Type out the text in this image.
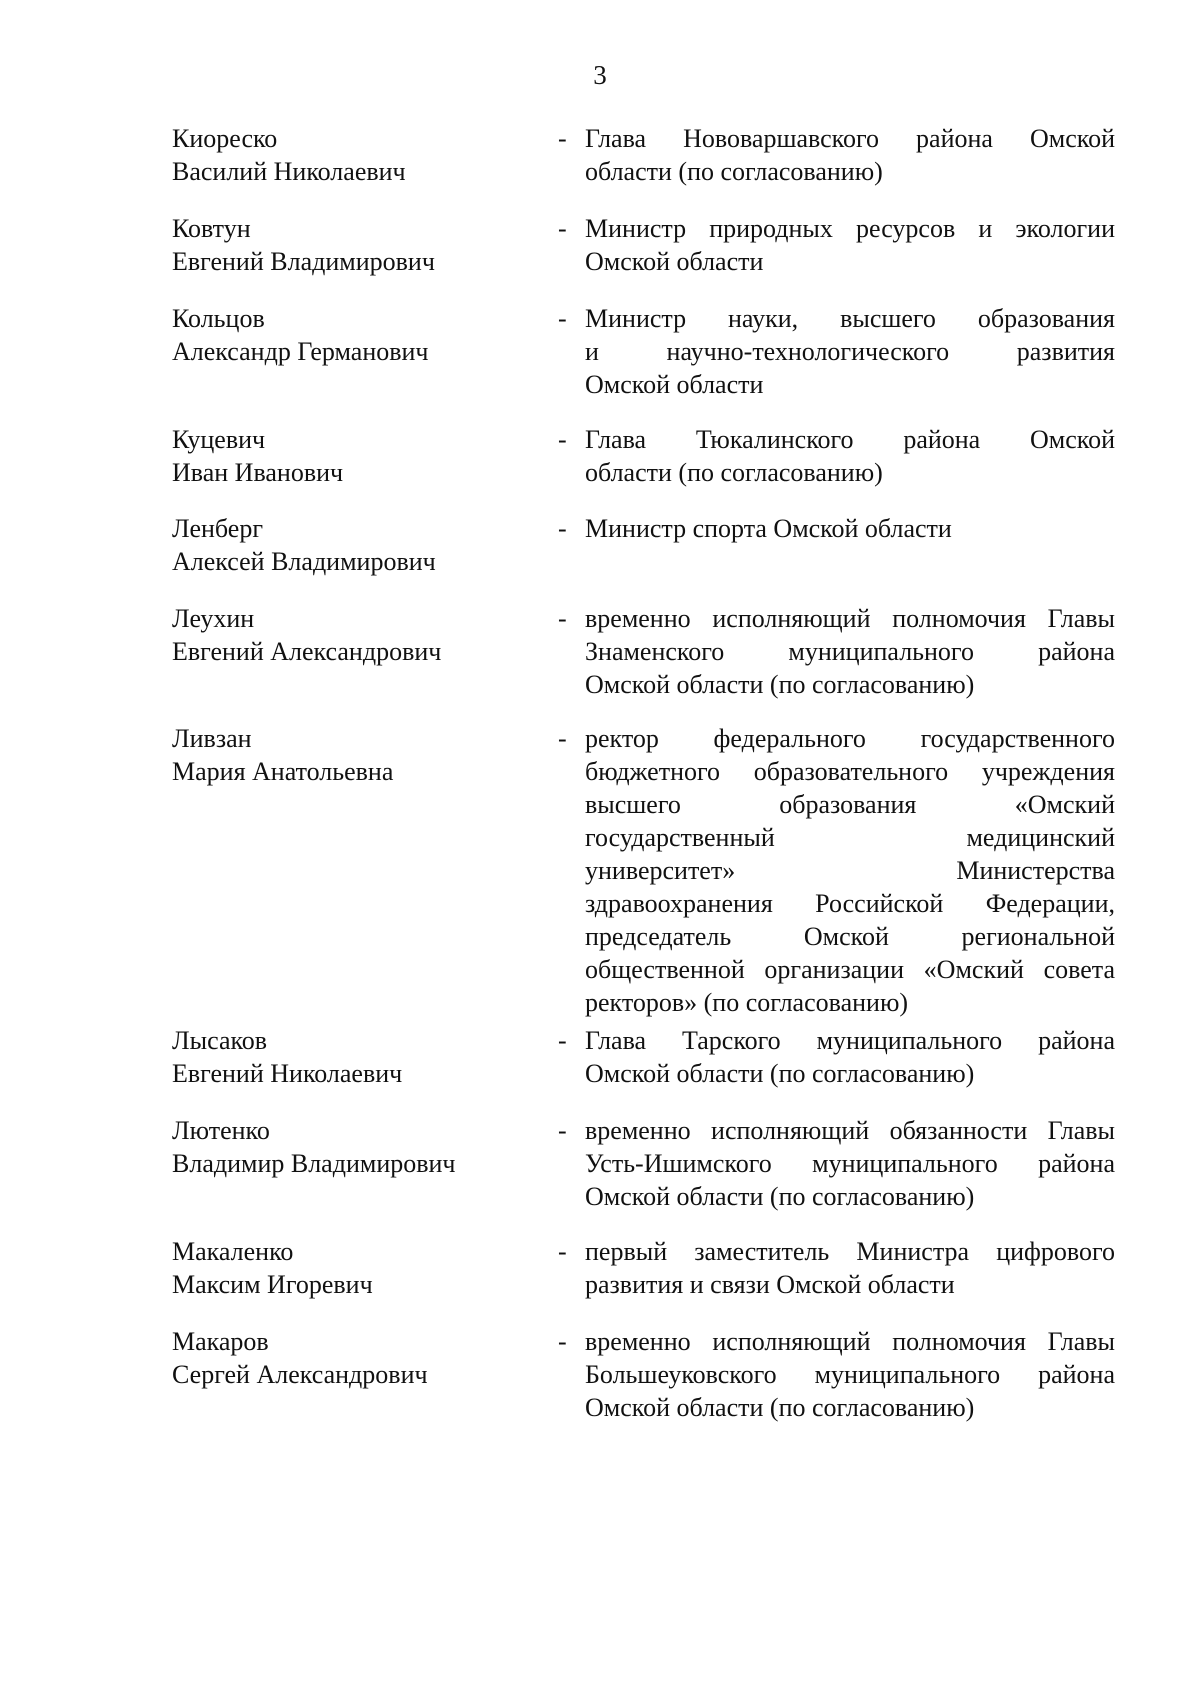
3
Киореско
Василий Николаевич
- Глава Нововаршавского района Омской
области (по согласованию)
Ковтун
Евгений Владимирович
- Министр природных ресурсов и экологии
Омской области
Кольцов
Александр Германович
- Министр науки, высшего образования
и научно-технологического развития
Омской области
Куцевич
Иван Иванович
- Глава Тюкалинского района Омской
области (по согласованию)
Ленберг
Алексей Владимирович
- Министр спорта Омской области
Леухин
Евгений Александрович
- временно исполняющий полномочия Главы
Знаменского муниципального района
Омской области (по согласованию)
Ливзан
Мария Анатольевна
- ректор федерального государственного
бюджетного образовательного учреждения
высшего образования «Омский
государственный медицинский
университет» Министерства
здравоохранения Российской Федерации,
председатель Омской региональной
общественной организации «Омский совета
ректоров» (по согласованию)
Лысаков
Евгений Николаевич
- Глава Тарского муниципального района
Омской области (по согласованию)
Лютенко
Владимир Владимирович
- временно исполняющий обязанности Главы
Усть-Ишимского муниципального района
Омской области (по согласованию)
Макаленко
Максим Игоревич
- первый заместитель Министра цифрового
развития и связи Омской области
Макаров
Сергей Александрович
- временно исполняющий полномочия Главы
Большеуковского муниципального района
Омской области (по согласованию)
